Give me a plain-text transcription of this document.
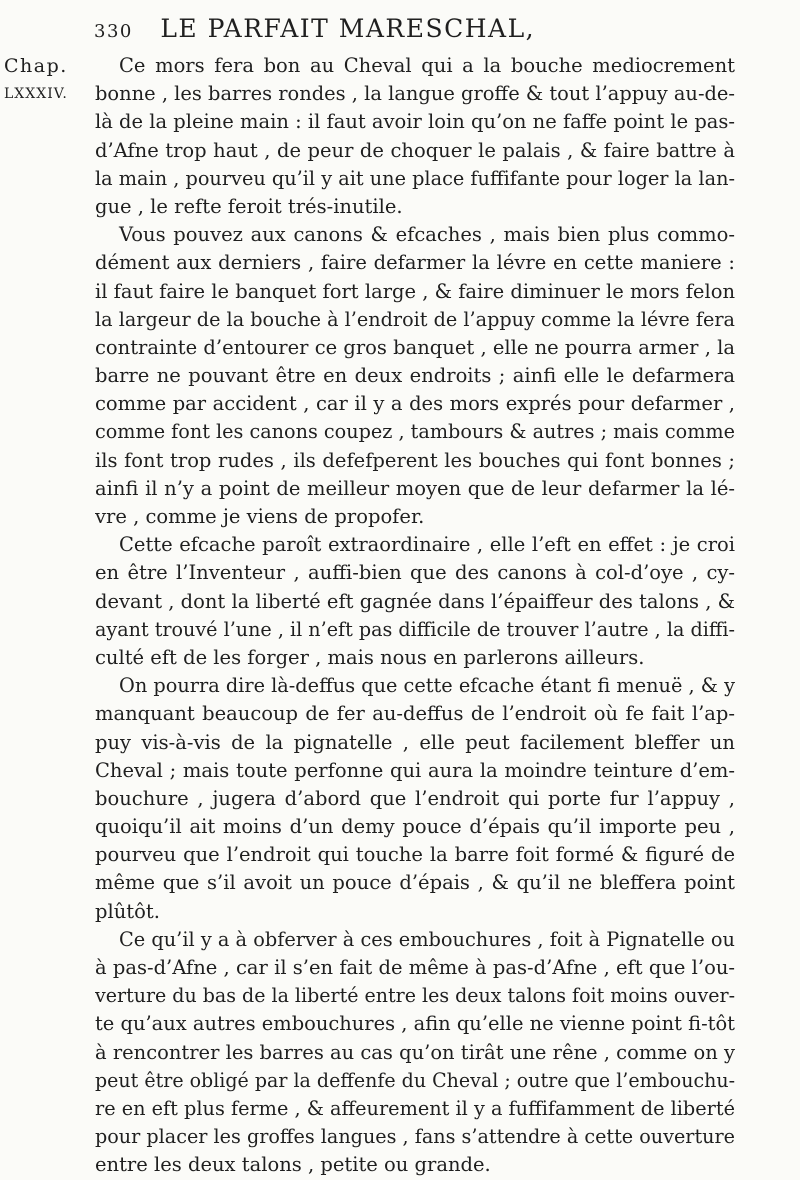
330 LE PARFAIT MARESCHAL,
Chap.
LXXXIV.
Ce mors fera bon au Cheval qui a la bouche mediocrement
bonne , les barres rondes , la langue groffe & tout l’appuy au-de-
là de la pleine main : il faut avoir loin qu’on ne faffe point le pas-
d’Afne trop haut , de peur de choquer le palais , & faire battre à
la main , pourveu qu’il y ait une place fuffifante pour loger la lan-
gue , le refte feroit trés-inutile.
Vous pouvez aux canons & efcaches , mais bien plus commo-
dément aux derniers , faire defarmer la lévre en cette maniere :
il faut faire le banquet fort large , & faire diminuer le mors felon
la largeur de la bouche à l’endroit de l’appuy comme la lévre fera
contrainte d’entourer ce gros banquet , elle ne pourra armer , la
barre ne pouvant être en deux endroits ; ainfi elle le defarmera
comme par accident , car il y a des mors exprés pour defarmer ,
comme font les canons coupez , tambours & autres ; mais comme
ils font trop rudes , ils defefperent les bouches qui font bonnes ;
ainfi il n’y a point de meilleur moyen que de leur defarmer la lé-
vre , comme je viens de propofer.
Cette efcache paroît extraordinaire , elle l’eft en effet : je croi
en être l’Inventeur , auffi-bien que des canons à col-d’oye , cy-
devant , dont la liberté eft gagnée dans l’épaiffeur des talons , &
ayant trouvé l’une , il n’eft pas difficile de trouver l’autre , la diffi-
culté eft de les forger , mais nous en parlerons ailleurs.
On pourra dire là-deffus que cette efcache étant fi menuë , & y
manquant beaucoup de fer au-deffus de l’endroit où fe fait l’ap-
puy vis-à-vis de la pignatelle , elle peut facilement bleffer un
Cheval ; mais toute perfonne qui aura la moindre teinture d’em-
bouchure , jugera d’abord que l’endroit qui porte fur l’appuy ,
quoiqu’il ait moins d’un demy pouce d’épais qu’il importe peu ,
pourveu que l’endroit qui touche la barre foit formé & figuré de
même que s’il avoit un pouce d’épais , & qu’il ne bleffera point
plûtôt.
Ce qu’il y a à obferver à ces embouchures , foit à Pignatelle ou
à pas-d’Afne , car il s’en fait de même à pas-d’Afne , eft que l’ou-
verture du bas de la liberté entre les deux talons foit moins ouver-
te qu’aux autres embouchures , afin qu’elle ne vienne point fi-tôt
à rencontrer les barres au cas qu’on tirât une rêne , comme on y
peut être obligé par la deffenfe du Cheval ; outre que l’embouchu-
re en eft plus ferme , & affeurement il y a fuffifamment de liberté
pour placer les groffes langues , fans s’attendre à cette ouverture
entre les deux talons , petite ou grande.
